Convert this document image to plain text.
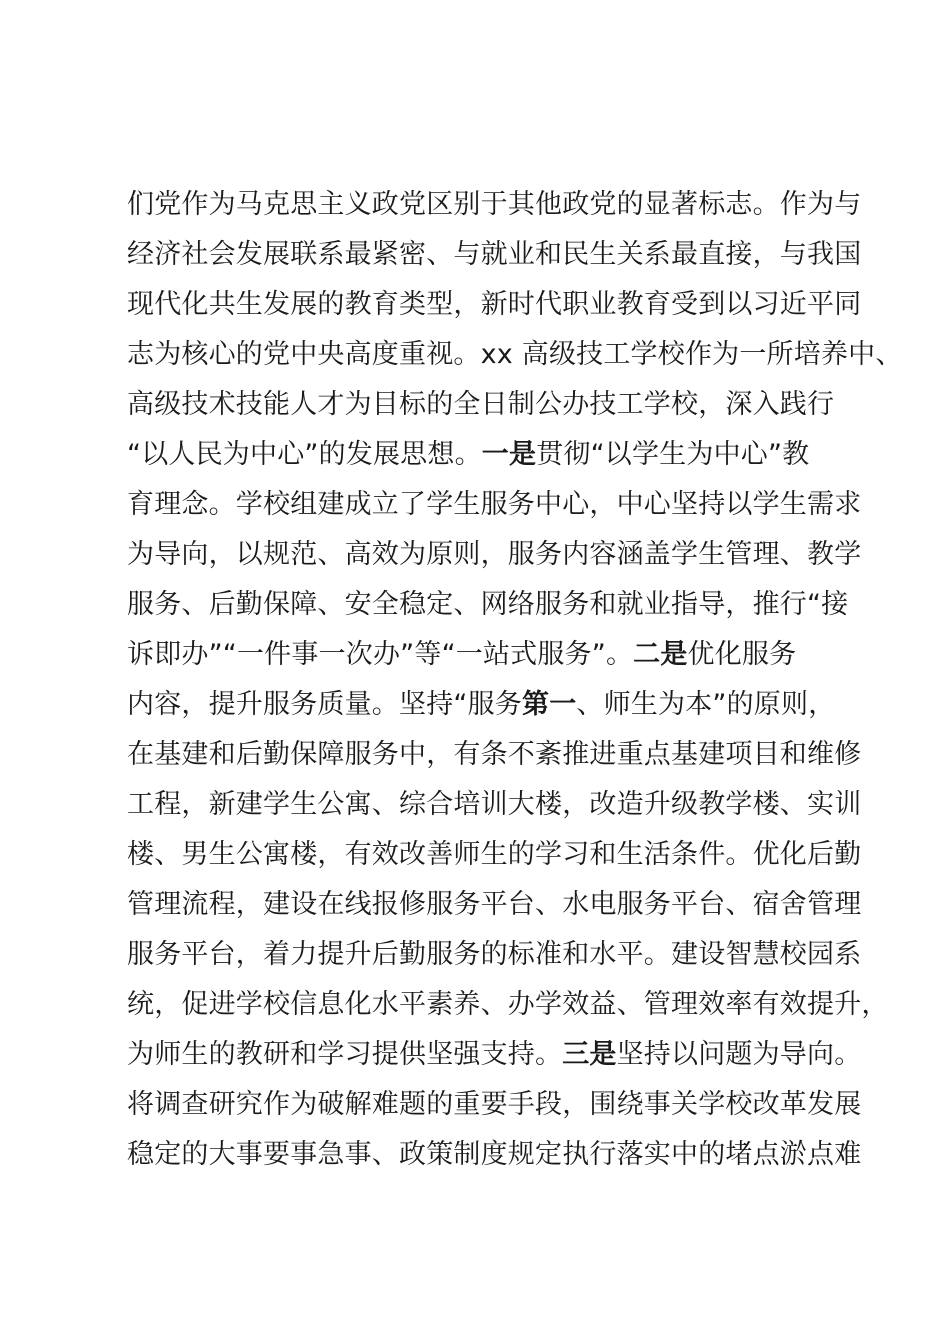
们党作为马克思主义政党区别于其他政党的显著标志。作为与
经济社会发展联系最紧密、与就业和民生关系最直接，与我国
现代化共生发展的教育类型，新时代职业教育受到以习近平同
志为核心的党中央高度重视。xx 高级技工学校作为一所培养中、
高级技术技能人才为目标的全日制公办技工学校，深入践行
“以人民为中心”的发展思想。一是贯彻“以学生为中心”教
育理念。学校组建成立了学生服务中心，中心坚持以学生需求
为导向，以规范、高效为原则，服务内容涵盖学生管理、教学
服务、后勤保障、安全稳定、网络服务和就业指导，推行“接
诉即办”“一件事一次办”等“一站式服务”。二是优化服务
内容，提升服务质量。坚持“服务第一、师生为本”的原则，
在基建和后勤保障服务中，有条不紊推进重点基建项目和维修
工程，新建学生公寓、综合培训大楼，改造升级教学楼、实训
楼、男生公寓楼，有效改善师生的学习和生活条件。优化后勤
管理流程，建设在线报修服务平台、水电服务平台、宿舍管理
服务平台，着力提升后勤服务的标准和水平。建设智慧校园系
统，促进学校信息化水平素养、办学效益、管理效率有效提升，
为师生的教研和学习提供坚强支持。三是坚持以问题为导向。
将调查研究作为破解难题的重要手段，围绕事关学校改革发展
稳定的大事要事急事、政策制度规定执行落实中的堵点淤点难
